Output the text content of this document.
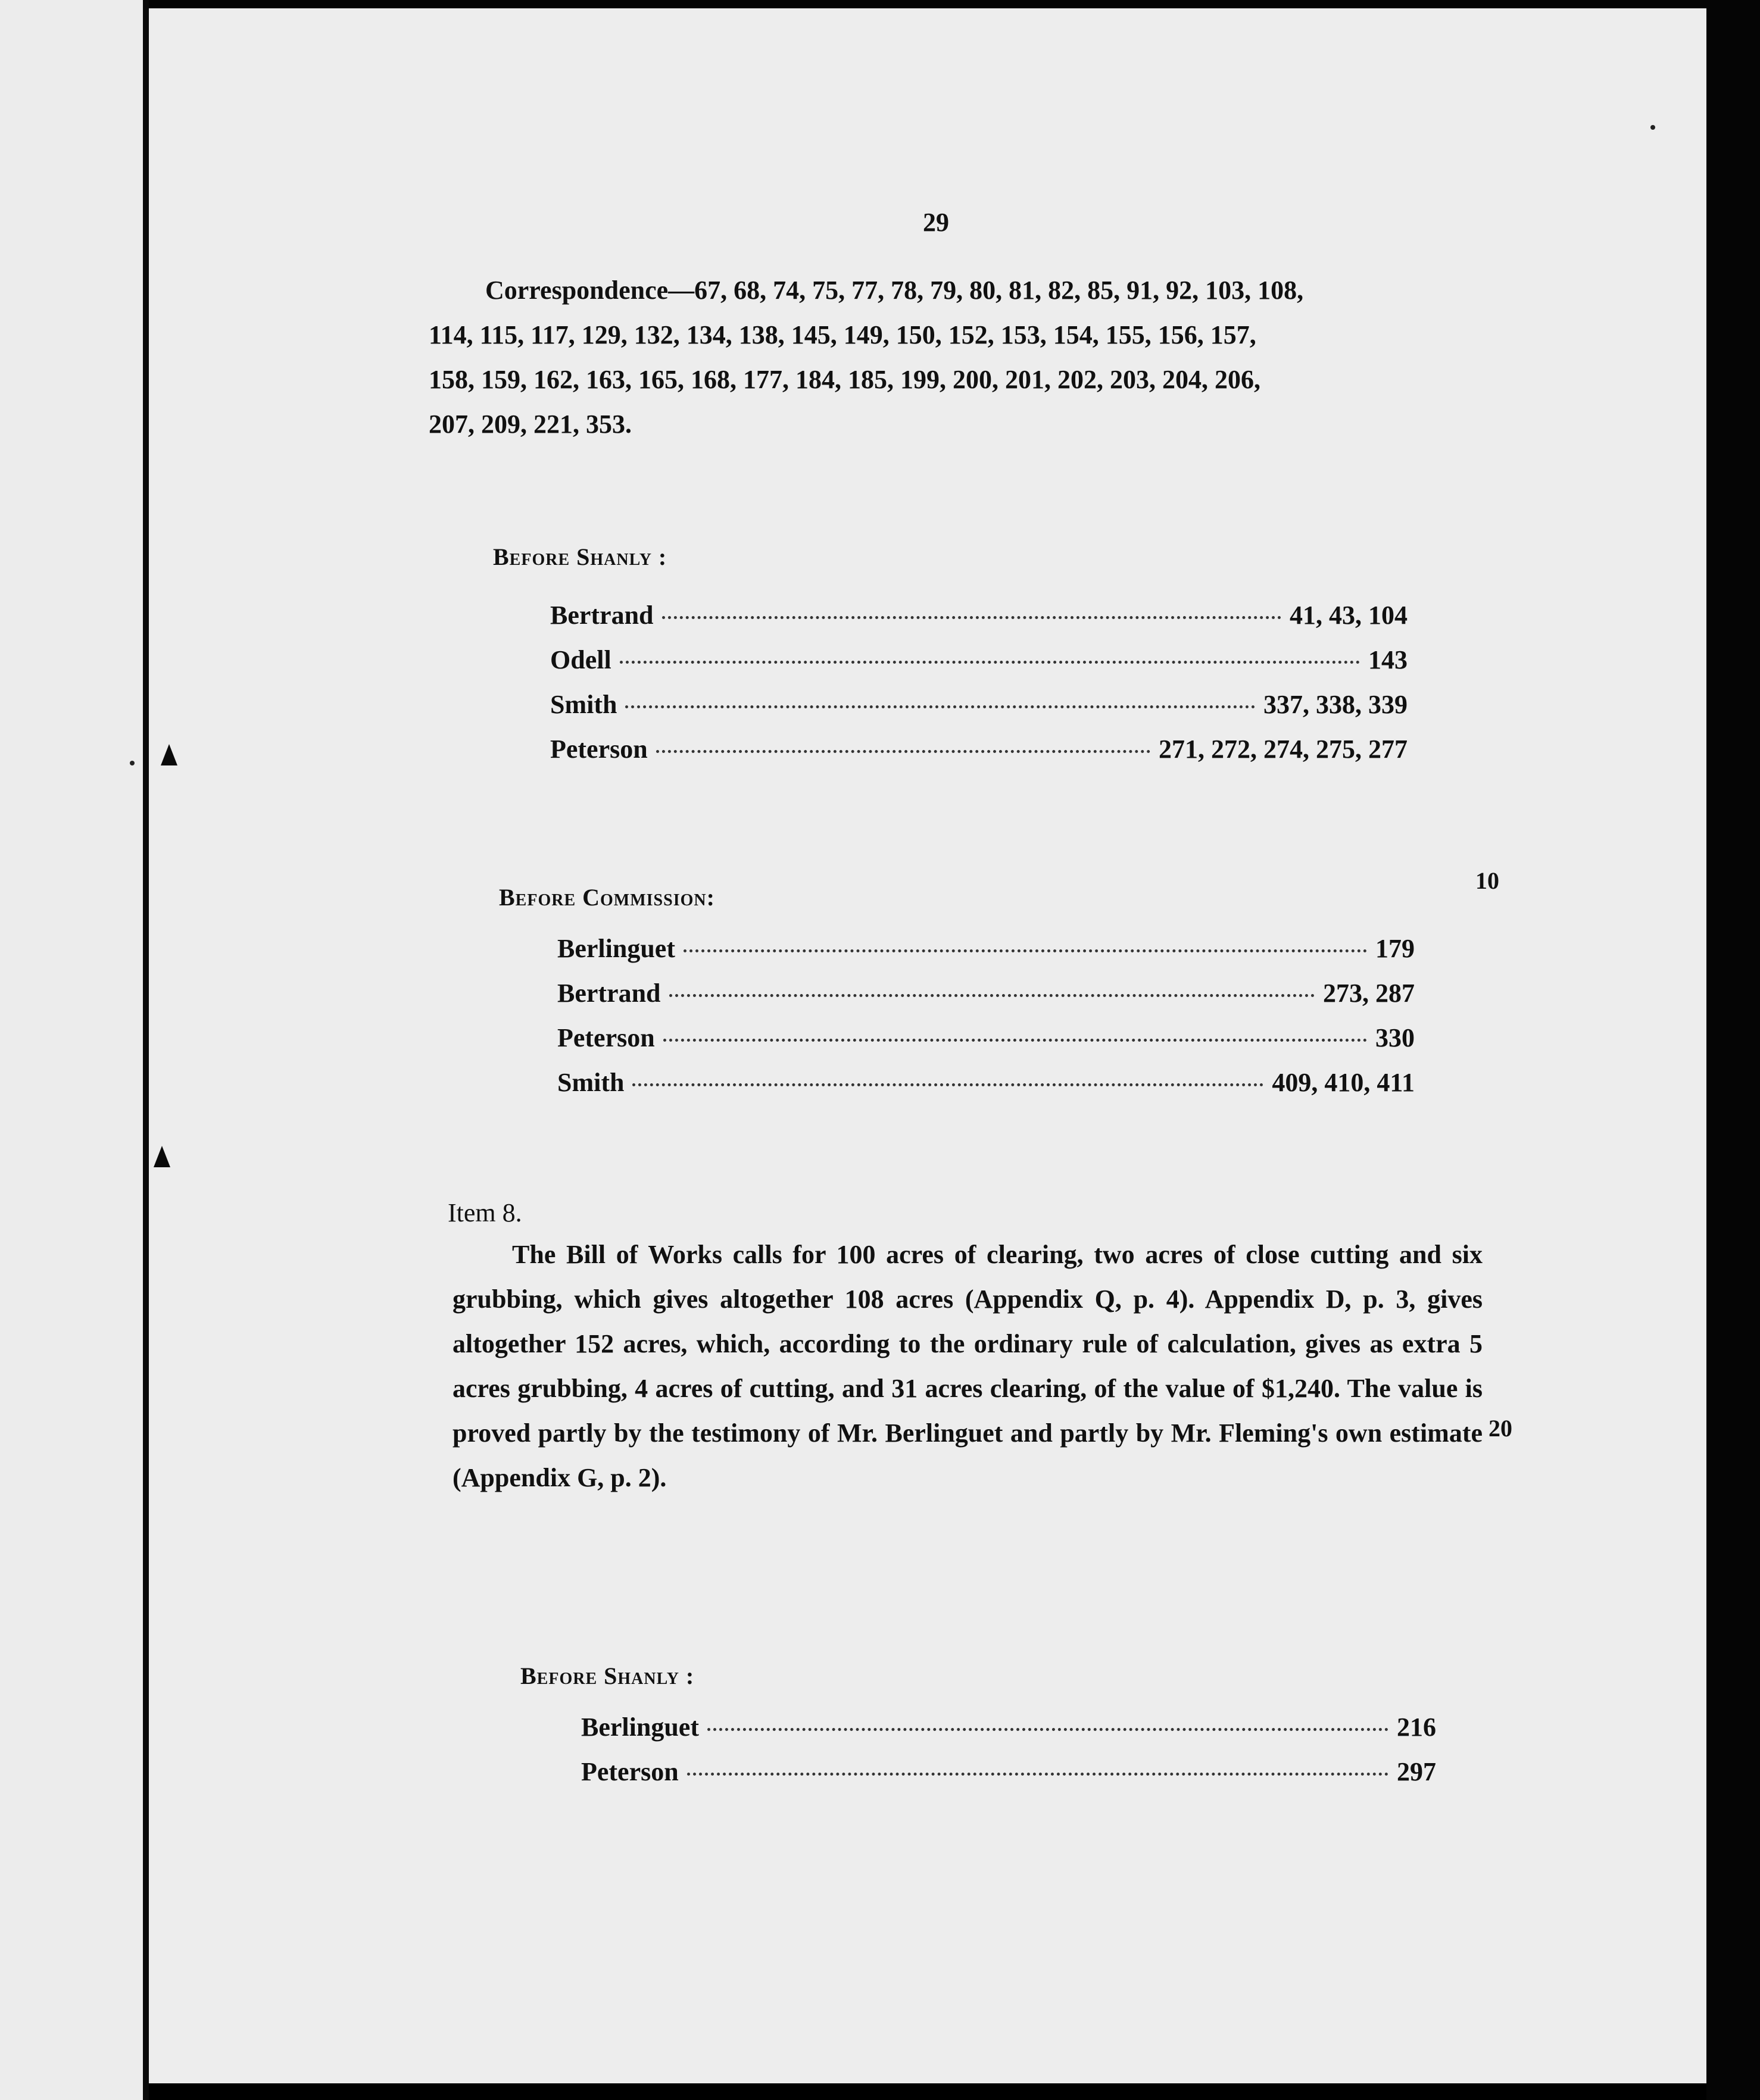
29

Correspondence—67, 68, 74, 75, 77, 78, 79, 80, 81, 82, 85, 91, 92, 103, 108,

114, 115, 117, 129, 132, 134, 138, 145, 149, 150, 152, 153, 154, 155, 156, 157,

158, 159, 162, 163, 165, 168, 177, 184, 185, 199, 200, 201, 202, 203, 204, 206,

207, 209, 221, 353.

Before Shanly :
Bertrand	41, 43, 104
Odell	143
Smith	337, 338, 339
Peterson	271, 272, 274, 275, 277
Before Commission:
10
Berlinguet	179
Bertrand	273, 287
Peterson	330
Smith	409, 410, 411
Item 8.
The Bill of Works calls for 100 acres of clearing, two acres of close cutting and six grubbing, which gives altogether 108 acres (Appendix Q, p. 4). Appendix D, p. 3, gives altogether 152 acres, which, according to the ordinary rule of calculation, gives as extra 5 acres grubbing, 4 acres of cutting, and 31 acres clearing, of the value of $1,240. The value is proved partly by the testimony of Mr. Berlinguet and partly by Mr. Fleming's own estimate (Appendix G, p. 2).
20
Before Shanly :
Berlinguet	216
Peterson	297
